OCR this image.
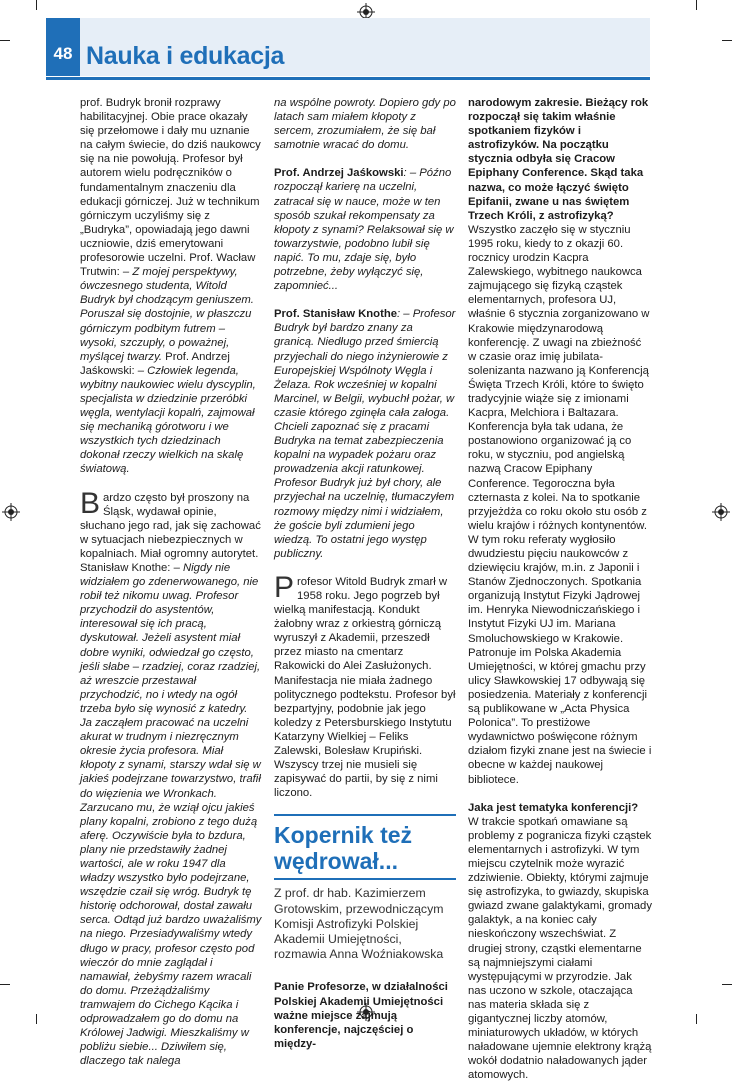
48 Nauka i edukacja

prof. Budryk bronił rozprawy habilitacyjnej. Obie prace okazały się przełomowe i dały mu uznanie na całym świecie, do dziś naukowcy się na nie powołują. Profesor był autorem wielu podręczników o fundamentalnym znaczeniu dla edukacji górniczej. Już w technikum górniczym uczyliśmy się z „Budryka”, opowiadają jego dawni uczniowie, dziś emerytowani profesorowie uczelni. Prof. Wacław Trutwin: – Z mojej perspektywy, ówczesnego studenta, Witold Budryk był chodzącym geniuszem. Poruszał się dostojnie, w płaszczu górniczym podbitym futrem – wysoki, szczupły, o poważnej, myślącej twarzy. Prof. Andrzej Jaśkowski: – Człowiek legenda, wybitny naukowiec wielu dyscyplin, specjalista w dziedzinie przeróbki węgla, wentylacji kopalń, zajmował się mechaniką górotworu i we wszystkich tych dziedzinach dokonał rzeczy wielkich na skalę światową.

Bardzo często był proszony na Śląsk, wydawał opinie, słuchano jego rad, jak się zachować w sytuacjach niebezpiecznych w kopalniach. Miał ogromny autorytet. Stanisław Knothe: – Nigdy nie widziałem go zdenerwowanego, nie robił też nikomu uwag. Profesor przychodził do asystentów, interesował się ich pracą, dyskutował. Jeżeli asystent miał dobre wyniki, odwiedzał go często, jeśli słabe – rzadziej, coraz rzadziej, aż wreszcie przestawał przychodzić, no i wtedy na ogół trzeba było się wynosić z katedry. Ja zacząłem pracować na uczelni akurat w trudnym i niezręcznym okresie życia profesora. Miał kłopoty z synami, starszy wdał się w jakieś podejrzane towarzystwo, trafił do więzienia we Wronkach. Zarzucano mu, że wziął ojcu jakieś plany kopalni, zrobiono z tego dużą aferę. Oczywiście była to bzdura, plany nie przedstawiły żadnej wartości, ale w roku 1947 dla władzy wszystko było podejrzane, wszędzie czaił się wróg. Budryk tę historię odchorował, dostał zawału serca. Odtąd już bardzo uważaliśmy na niego. Przesiadywaliśmy wtedy długo w pracy, profesor często pod wieczór do mnie zaglądał i namawiał, żebyśmy razem wracali do domu. Przeżądżaliśmy tramwajem do Cichego Kącika i odprowadzałem go do domu na Królowej Jadwigi. Mieszkaliśmy w pobliżu siebie... Dziwiłem się, dlaczego tak nalega

na wspólne powroty. Dopiero gdy po latach sam miałem kłopoty z sercem, zrozumiałem, że się bał samotnie wracać do domu.

Prof. Andrzej Jaśkowski: – Późno rozpoczął karierę na uczelni, zatracał się w nauce, może w ten sposób szukał rekompensaty za kłopoty z synami? Relaksował się w towarzystwie, podobno lubił się napić. To mu, zdaje się, było potrzebne, żeby wyłączyć się, zapomnieć...

Prof. Stanisław Knothe: – Profesor Budryk był bardzo znany za granicą. Niedługo przed śmiercią przyjechali do niego inżynierowie z Europejskiej Wspólnoty Węgla i Żelaza. Rok wcześniej w kopalni Marcinel, w Belgii, wybuchł pożar, w czasie którego zginęła cała załoga. Chcieli zapoznać się z pracami Budryka na temat zabezpieczenia kopalni na wypadek pożaru oraz prowadzenia akcji ratunkowej. Profesor Budryk już był chory, ale przyjechał na uczelnię, tłumaczyłem rozmowy między nimi i widziałem, że goście byli zdumieni jego wiedzą. To ostatni jego występ publiczny.

Profesor Witold Budryk zmarł w 1958 roku. Jego pogrzeb był wielką manifestacją. Kondukt żałobny wraz z orkiestrą górniczą wyruszył z Akademii, przeszedł przez miasto na cmentarz Rakowicki do Alei Zasłużonych. Manifestacja nie miała żadnego politycznego podtekstu. Profesor był bezpartyjny, podobnie jak jego koledzy z Petersburskiego Instytutu Katarzyny Wielkiej – Feliks Zalewski, Bolesław Krupiński. Wszyscy trzej nie musieli się zapisywać do partii, by się z nimi liczono.

Kopernik też wędrował...
Z prof. dr hab. Kazimierzem Grotowskim, przewodniczącym Komisji Astrofizyki Polskiej Akademii Umiejętności, rozmawia Anna Woźniakowska

Panie Profesorze, w działalności Polskiej Akademii Umiejętności ważne miejsce zajmują konferencje, najczęściej o między-

narodowym zakresie. Bieżący rok rozpoczął się takim właśnie spotkaniem fizyków i astrofizyków. Na początku stycznia odbyła się Cracow Epiphany Conference. Skąd taka nazwa, co może łączyć święto Epifanii, zwane u nas świętem Trzech Króli, z astrofizyką?

Wszystko zaczęło się w styczniu 1995 roku, kiedy to z okazji 60. rocznicy urodzin Kacpra Zalewskiego, wybitnego naukowca zajmującego się fizyką cząstek elementarnych, profesora UJ, właśnie 6 stycznia zorganizowano w Krakowie międzynarodową konferencję. Z uwagi na zbieżność w czasie oraz imię jubilata-solenizanta nazwano ją Konferencją Święta Trzech Króli, które to święto tradycyjnie wiąże się z imionami Kacpra, Melchiora i Baltazara. Konferencja była tak udana, że postanowiono organizować ją co roku, w styczniu, pod angielską nazwą Cracow Epiphany Conference. Tegoroczna była czternasta z kolei. Na to spotkanie przyjeżdża co roku około stu osób z wielu krajów i różnych kontynentów. W tym roku referaty wygłosiło dwudziestu pięciu naukowców z dziewięciu krajów, m.in. z Japonii i Stanów Zjednoczonych. Spotkania organizują Instytut Fizyki Jądrowej im. Henryka Niewodniczańskiego i Instytut Fizyki UJ im. Mariana Smoluchowskiego w Krakowie. Patronuje im Polska Akademia Umiejętności, w której gmachu przy ulicy Sławkowskiej 17 odbywają się posiedzenia. Materiały z konferencji są publikowane w „Acta Physica Polonica”. To prestiżowe wydawnictwo poświęcone różnym działom fizyki znane jest na świecie i obecne w każdej naukowej bibliotece.

Jaka jest tematyka konferencji?

W trakcie spotkań omawiane są problemy z pogranicza fizyki cząstek elementarnych i astrofizyki. W tym miejscu czytelnik może wyrazić zdziwienie. Obiekty, którymi zajmuje się astrofizyka, to gwiazdy, skupiska gwiazd zwane galaktykami, gromady galaktyk, a na koniec cały nieskończony wszechświat. Z drugiej strony, cząstki elementarne są najmniejszymi ciałami występującymi w przyrodzie. Jak nas uczono w szkole, otaczająca nas materia składa się z gigantycznej liczby atomów, miniaturowych układów, w których naładowane ujemnie elektrony krążą wokół dodatnio naładowanych jąder atomowych.
